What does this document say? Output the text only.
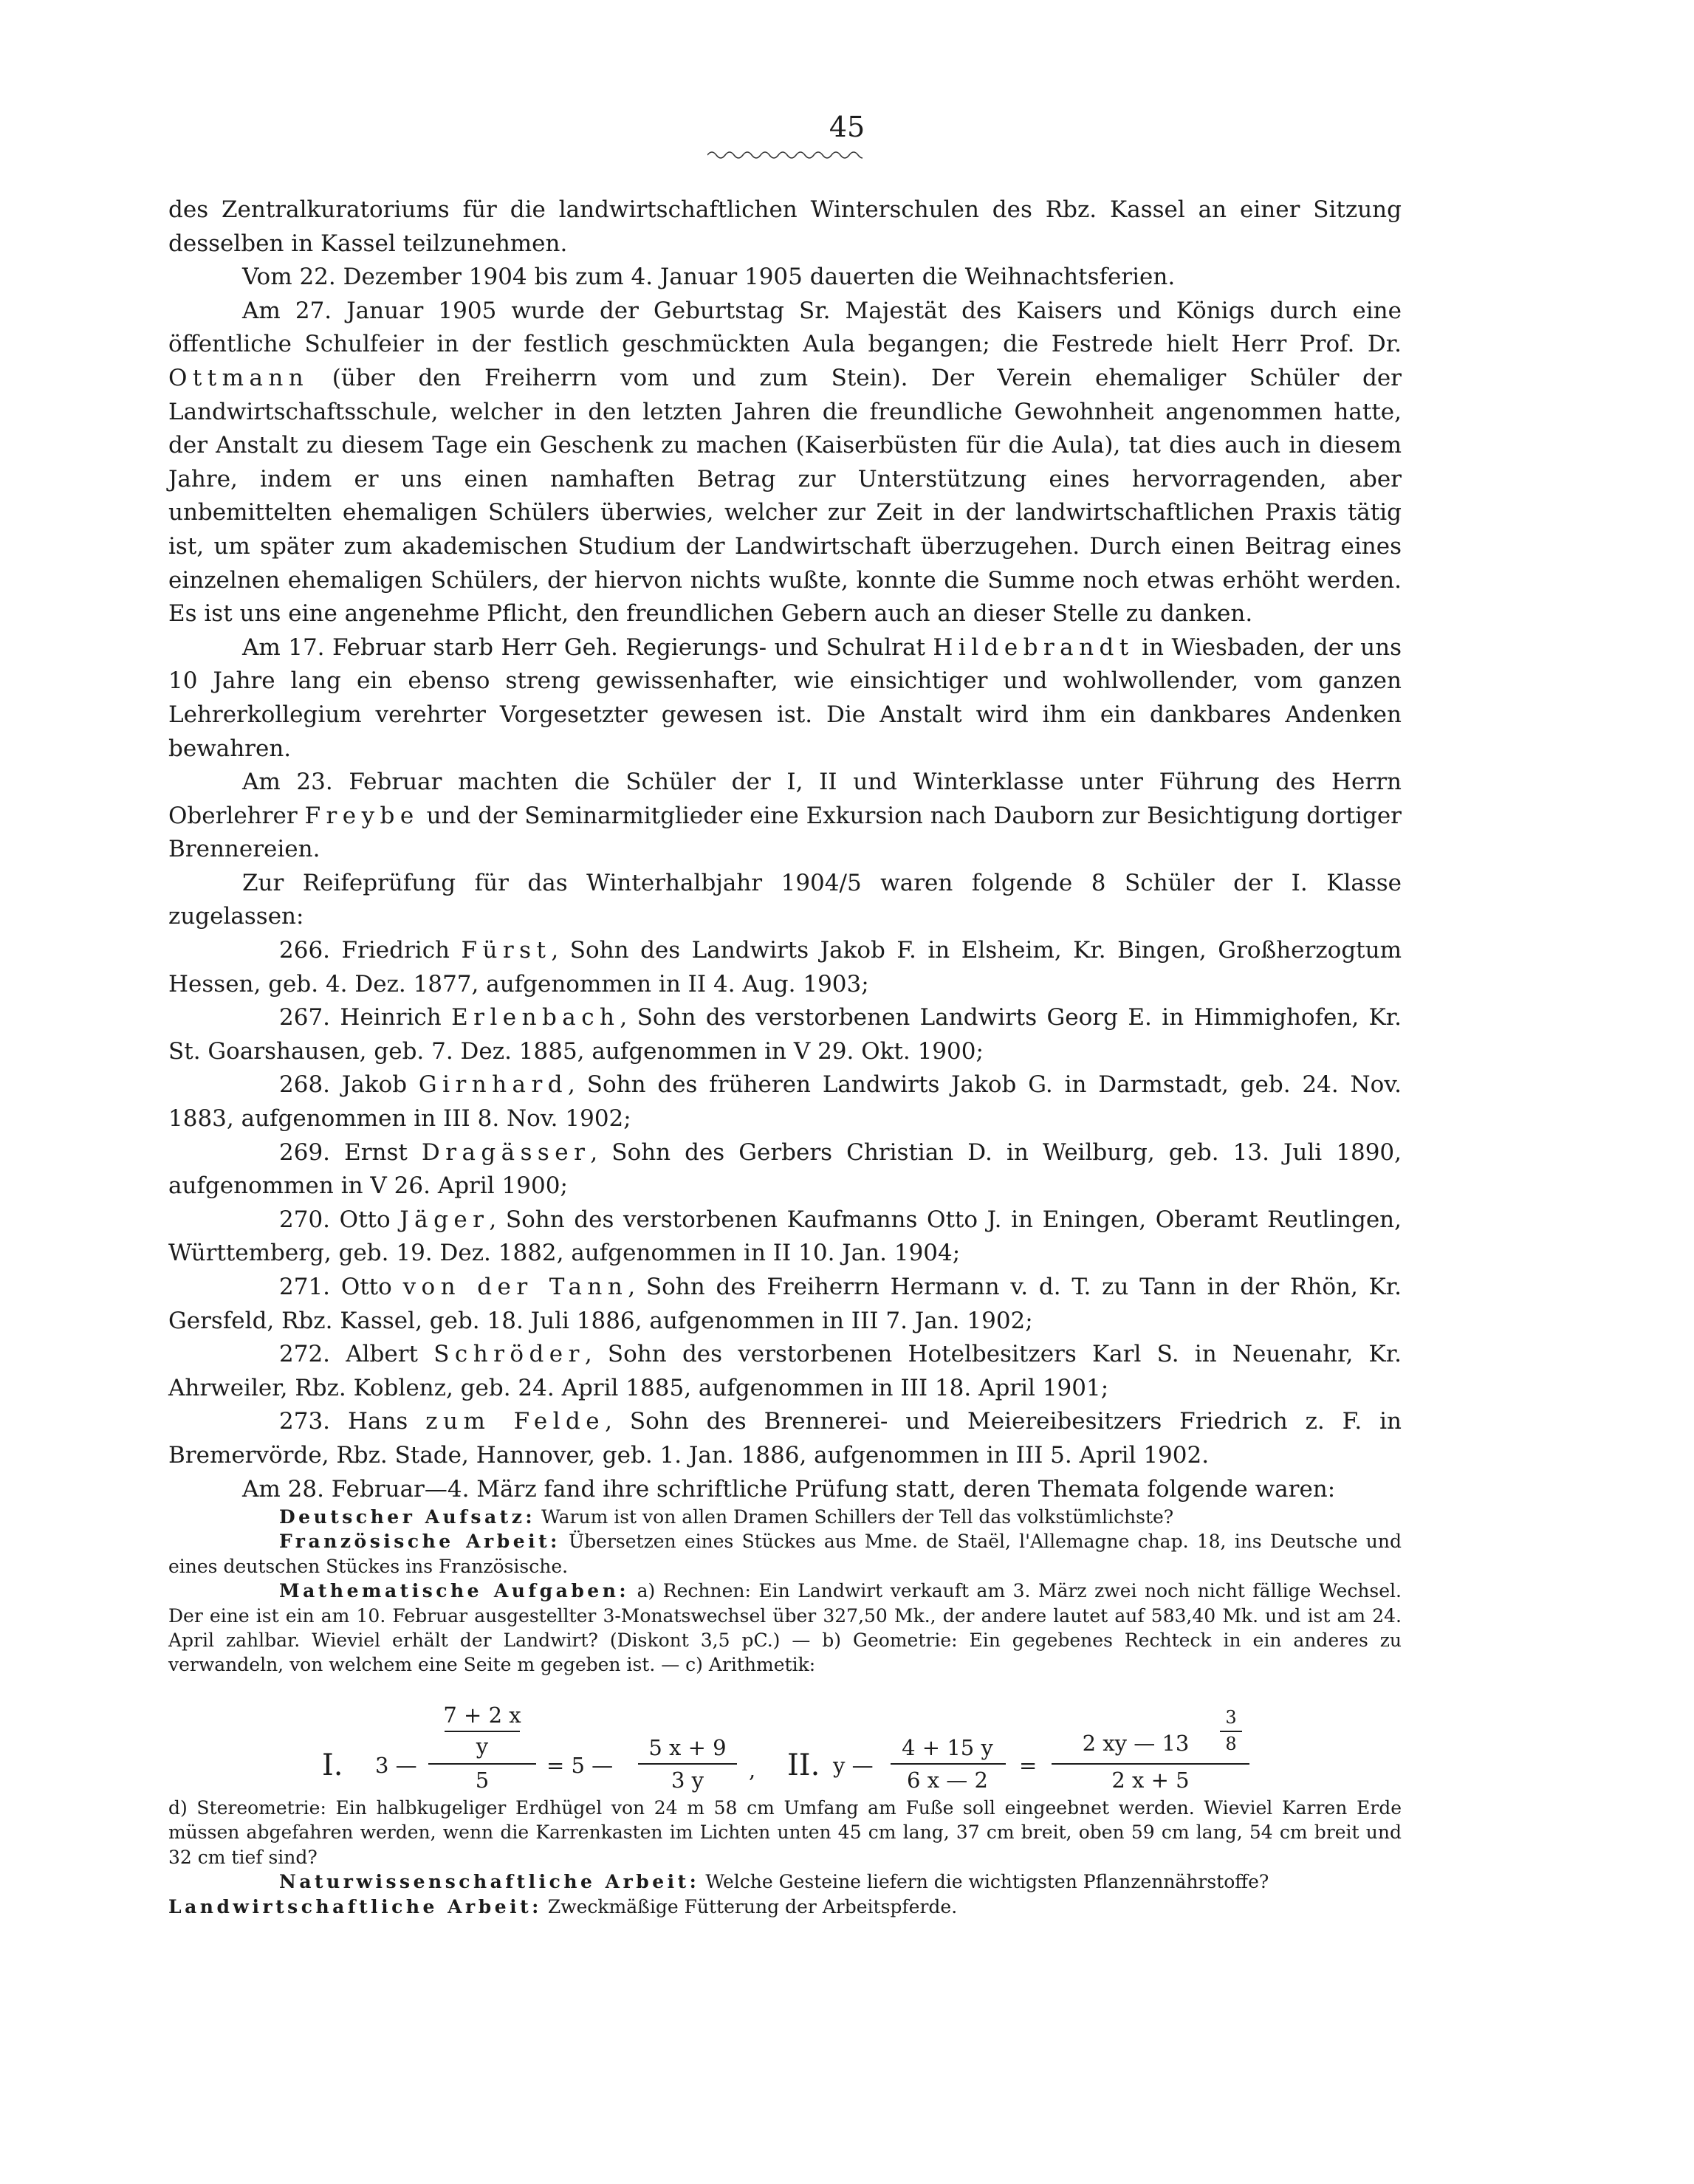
45

des Zentralkuratoriums für die landwirtschaftlichen Winterschulen des Rbz. Kassel an einer Sitzung desselben in Kassel teilzunehmen.

Vom 22. Dezember 1904 bis zum 4. Januar 1905 dauerten die Weihnachtsferien.

Am 27. Januar 1905 wurde der Geburtstag Sr. Majestät des Kaisers und Königs durch eine öffentliche Schulfeier in der festlich geschmückten Aula begangen; die Festrede hielt Herr Prof. Dr. Ottmann (über den Freiherrn vom und zum Stein). Der Verein ehemaliger Schüler der Landwirtschaftsschule, welcher in den letzten Jahren die freundliche Gewohnheit angenommen hatte, der Anstalt zu diesem Tage ein Geschenk zu machen (Kaiserbüsten für die Aula), tat dies auch in diesem Jahre, indem er uns einen namhaften Betrag zur Unterstützung eines hervorragenden, aber unbemittelten ehemaligen Schülers überwies, welcher zur Zeit in der landwirtschaftlichen Praxis tätig ist, um später zum akademischen Studium der Landwirtschaft überzugehen. Durch einen Beitrag eines einzelnen ehemaligen Schülers, der hiervon nichts wußte, konnte die Summe noch etwas erhöht werden. Es ist uns eine angenehme Pflicht, den freundlichen Gebern auch an dieser Stelle zu danken.

Am 17. Februar starb Herr Geh. Regierungs- und Schulrat Hildebrandt in Wiesbaden, der uns 10 Jahre lang ein ebenso streng gewissenhafter, wie einsichtiger und wohlwollender, vom ganzen Lehrerkollegium verehrter Vorgesetzter gewesen ist. Die Anstalt wird ihm ein dankbares Andenken bewahren.

Am 23. Februar machten die Schüler der I, II und Winterklasse unter Führung des Herrn Oberlehrer Freybe und der Seminarmitglieder eine Exkursion nach Dauborn zur Besichtigung dortiger Brennereien.

Zur Reifeprüfung für das Winterhalbjahr 1904/5 waren folgende 8 Schüler der I. Klasse zugelassen:

266. Friedrich Fürst, Sohn des Landwirts Jakob F. in Elsheim, Kr. Bingen, Großherzogtum Hessen, geb. 4. Dez. 1877, aufgenommen in II 4. Aug. 1903;

267. Heinrich Erlenbach, Sohn des verstorbenen Landwirts Georg E. in Himmighofen, Kr. St. Goarshausen, geb. 7. Dez. 1885, aufgenommen in V 29. Okt. 1900;

268. Jakob Girnhard, Sohn des früheren Landwirts Jakob G. in Darmstadt, geb. 24. Nov. 1883, aufgenommen in III 8. Nov. 1902;

269. Ernst Dragässer, Sohn des Gerbers Christian D. in Weilburg, geb. 13. Juli 1890, aufgenommen in V 26. April 1900;

270. Otto Jäger, Sohn des verstorbenen Kaufmanns Otto J. in Eningen, Oberamt Reutlingen, Württemberg, geb. 19. Dez. 1882, aufgenommen in II 10. Jan. 1904;

271. Otto von der Tann, Sohn des Freiherrn Hermann v. d. T. zu Tann in der Rhön, Kr. Gersfeld, Rbz. Kassel, geb. 18. Juli 1886, aufgenommen in III 7. Jan. 1902;

272. Albert Schröder, Sohn des verstorbenen Hotelbesitzers Karl S. in Neuenahr, Kr. Ahrweiler, Rbz. Koblenz, geb. 24. April 1885, aufgenommen in III 18. April 1901;

273. Hans zum Felde, Sohn des Brennerei- und Meiereibesitzers Friedrich z. F. in Bremervörde, Rbz. Stade, Hannover, geb. 1. Jan. 1886, aufgenommen in III 5. April 1902.

Am 28. Februar—4. März fand ihre schriftliche Prüfung statt, deren Themata folgende waren:

Deutscher Aufsatz: Warum ist von allen Dramen Schillers der Tell das volkstümlichste?

Französische Arbeit: Übersetzen eines Stückes aus Mme. de Staël, l'Allemagne chap. 18, ins Deutsche und eines deutschen Stückes ins Französische.

Mathematische Aufgaben: a) Rechnen: Ein Landwirt verkauft am 3. März zwei noch nicht fällige Wechsel. Der eine ist ein am 10. Februar ausgestellter 3-Monatswechsel über 327,50 Mk., der andere lautet auf 583,40 Mk. und ist am 24. April zahlbar. Wieviel erhält der Landwirt? (Diskont 3,5 pC.) — b) Geometrie: Ein gegebenes Rechteck in ein anderes zu verwandeln, von welchem eine Seite m gegeben ist. — c) Arithmetik:

I. 3 —
7 + 2 x
y
5
= 5 —
5 x + 9
3 y	, II. y —
4 + 15 y
6 x — 2
=
2 xy — 13
3
8
2 x + 5

d) Stereometrie: Ein halbkugeliger Erdhügel von 24 m 58 cm Umfang am Fuße soll eingeebnet werden. Wieviel Karren Erde müssen abgefahren werden, wenn die Karrenkasten im Lichten unten 45 cm lang, 37 cm breit, oben 59 cm lang, 54 cm breit und 32 cm tief sind?

Naturwissenschaftliche Arbeit: Welche Gesteine liefern die wichtigsten Pflanzennährstoffe?

Landwirtschaftliche Arbeit: Zweckmäßige Fütterung der Arbeitspferde.
